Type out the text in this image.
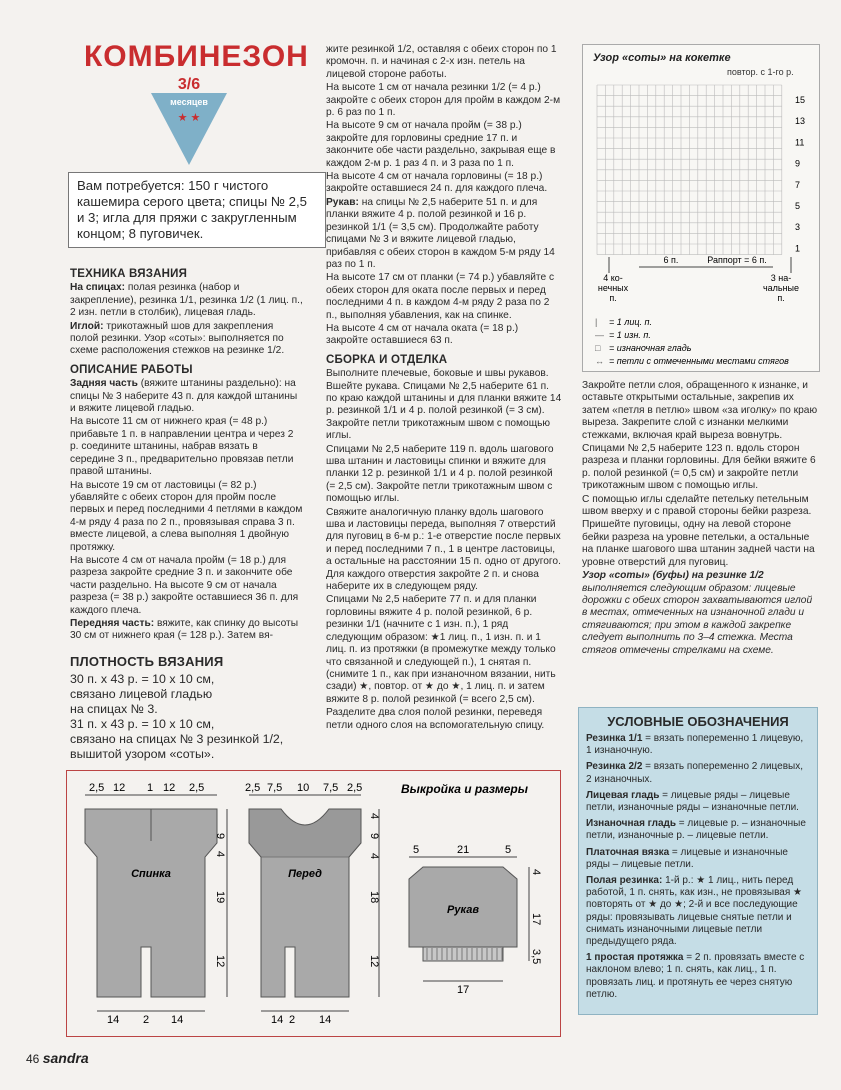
КОМБИНЕЗОН
3/6
месяцев
★ ★
Вам потребуется: 150 г чистого кашемира серого цвета; спицы № 2,5 и 3; игла для пряжи с закругленным концом; 8 пуговичек.
ТЕХНИКА ВЯЗАНИЯ

На спицах: полая резинка (набор и закрепление), резинка 1/1, резинка 1/2 (1 лиц. п., 2 изн. петли в столбик), лицевая гладь.

Иглой: трикотажный шов для закрепления полой резинки. Узор «соты»: выполняется по схеме расположения стежков на резинке 1/2.

ОПИСАНИЕ РАБОТЫ

Задняя часть (вяжите штанины раздельно): на спицы № 3 наберите 43 п. для каждой штанины и вяжите лицевой гладью.

На высоте 11 см от нижнего края (= 48 р.) прибавьте 1 п. в направлении центра и через 2 р. соедините штанины, набрав вязать в середине 3 п., предварительно провязав петли правой штанины.

На высоте 19 см от ластовицы (= 82 р.) убавляйте с обеих сторон для пройм после первых и перед последними 4 петлями в каждом 4-м ряду 4 раза по 2 п., провязывая справа 3 п. вместе лицевой, а слева выполняя 1 двойную протяжку.

На высоте 4 см от начала пройм (= 18 р.) для разреза закройте средние 3 п. и закончите обе части раздельно. На высоте 9 см от начала разреза (= 38 р.) закройте оставшиеся 36 п. для каждого плеча.

Передняя часть: вяжите, как спинку до высоты 30 см от нижнего края (= 128 р.). Затем вя-

ПЛОТНОСТЬ ВЯЗАНИЯ

30 п. х 43 р. = 10 х 10 см,

связано лицевой гладью

на спицах № 3.

31 п. х 43 р. = 10 х 10 см,

связано на спицах № 3 резинкой 1/2,

вышитой узором «соты».

жите резинкой 1/2, оставляя с обеих сторон по 1 кромочн. п. и начиная с 2-х изн. петель на лицевой стороне работы.

На высоте 1 см от начала резинки 1/2 (= 4 р.) закройте с обеих сторон для пройм в каждом 2-м р. 6 раз по 1 п.

На высоте 9 см от начала пройм (= 38 р.) закройте для горловины средние 17 п. и закончите обе части раздельно, закрывая еще в каждом 2-м р. 1 раз 4 п. и 3 раза по 1 п.

На высоте 4 см от начала горловины (= 18 р.) закройте оставшиеся 24 п. для каждого плеча.

Рукав: на спицы № 2,5 наберите 51 п. и для планки вяжите 4 р. полой резинкой и 16 р. резинкой 1/1 (= 3,5 см). Продолжайте работу спицами № 3 и вяжите лицевой гладью, прибавляя с обеих сторон в каждом 5-м ряду 14 раз по 1 п.

На высоте 17 см от планки (= 74 р.) убавляйте с обеих сторон для оката после первых и перед последними 4 п. в каждом 4-м ряду 2 раза по 2 п., выполняя убавления, как на спинке.

На высоте 4 см от начала оката (= 18 р.) закройте оставшиеся 63 п.

СБОРКА И ОТДЕЛКА

Выполните плечевые, боковые и швы рукавов. Вшейте рукава. Спицами № 2,5 наберите 61 п. по краю каждой штанины и для планки вяжите 14 р. резинкой 1/1 и 4 р. полой резинкой (= 3 см). Закройте петли трикотажным швом с помощью иглы.

Спицами № 2,5 наберите 119 п. вдоль шагового шва штанин и ластовицы спинки и вяжите для планки 12 р. резинкой 1/1 и 4 р. полой резинкой (= 2,5 см). Закройте петли трикотажным швом с помощью иглы.

Свяжите аналогичную планку вдоль шагового шва и ластовицы переда, выполняя 7 отверстий для пуговиц в 6-м р.: 1-е отверстие после первых и перед последними 7 п., 1 в центре ластовицы, а остальные на расстоянии 15 п. одно от другого. Для каждого отверстия закройте 2 п. и снова наберите их в следующем ряду.

Спицами № 2,5 наберите 77 п. и для планки горловины вяжите 4 р. полой резинкой, 6 р. резинки 1/1 (начните с 1 изн. п.), 1 ряд следующим образом: ★1 лиц. п., 1 изн. п. и 1 лиц. п. из протяжки (в промежутке между только что связанной и следующей п.), 1 снятая п. (снимите 1 п., как при изнаночном вязании, нить сзади) ★, повтор. от ★ до ★, 1 лиц. п. и затем вяжите 8 р. полой резинкой (= всего 2,5 см).

Разделите два слоя полой резинки, переведя петли одного слоя на вспомогательную спицу.

Узор «соты» на кокетке
повтор. с 1-го р.
15
13
11
9
7
5
3
1
6 п.	Раппорт = 6 п.
4 ко-нечных п.
3 на-чальные п.
| = 1 лиц. п.
— = 1 изн. п.
□ = изнаночная гладь
↔ = петли с отмеченными местами стягов

Закройте петли слоя, обращенного к изнанке, и оставьте открытыми остальные, закрепив их затем «петля в петлю» швом «за иголку» по краю выреза. Закрепите слой с изнанки мелкими стежками, включая край выреза вовнутрь.

Спицами № 2,5 наберите 123 п. вдоль сторон разреза и планки горловины. Для бейки вяжите 6 р. полой резинкой (= 0,5 см) и закройте петли трикотажным швом с помощью иглы.

С помощью иглы сделайте петельку петельным швом вверху и с правой стороны бейки разреза.

Пришейте пуговицы, одну на левой стороне бейки разреза на уровне петельки, а остальные на планке шагового шва штанин задней части на уровне отверстий для пуговиц.

Узор «соты» (буфы) на резинке 1/2 выполняется следующим образом: лицевые дорожки с обеих сторон захватываются иглой в местах, отмеченных на изнаночной глади и стягиваются; при этом в каждой закрепке следует выполнить по 3–4 стежка. Места стягов отмечены стрелками на схеме.

УСЛОВНЫЕ ОБОЗНАЧЕНИЯ

Резинка 1/1 = вязать попеременно 1 лицевую, 1 изнаночную.

Резинка 2/2 = вязать попеременно 2 лицевых, 2 изнаночных.

Лицевая гладь = лицевые ряды – лицевые петли, изнаночные ряды – изнаночные петли.

Изнаночная гладь = лицевые р. – изнаночные петли, изнаночные р. – лицевые петли.

Платочная вязка = лицевые и изнаночные ряды – лицевые петли.

Полая резинка: 1-й р.: ★ 1 лиц., нить перед работой, 1 п. снять, как изн., не провязывая ★ повторять от ★ до ★; 2-й и все последующие ряды: провязывать лицевые снятые петли и снимать изнаночными лицевые петли предыдущего ряда.

1 простая протяжка = 2 п. провязать вместе с наклоном влево; 1 п. снять, как лиц., 1 п. провязать лиц. и протянуть ее через снятую петлю.

Выкройка и размеры
Спинка
2,5 12 1 12 2,5
9
4
19
12
14 2 14
Перед
2,5 7,5 10 7,5 2,5
4
9
4
18
12
14 2 14
Рукав
5	21	5
4
17
3,5
17
46 sandra
